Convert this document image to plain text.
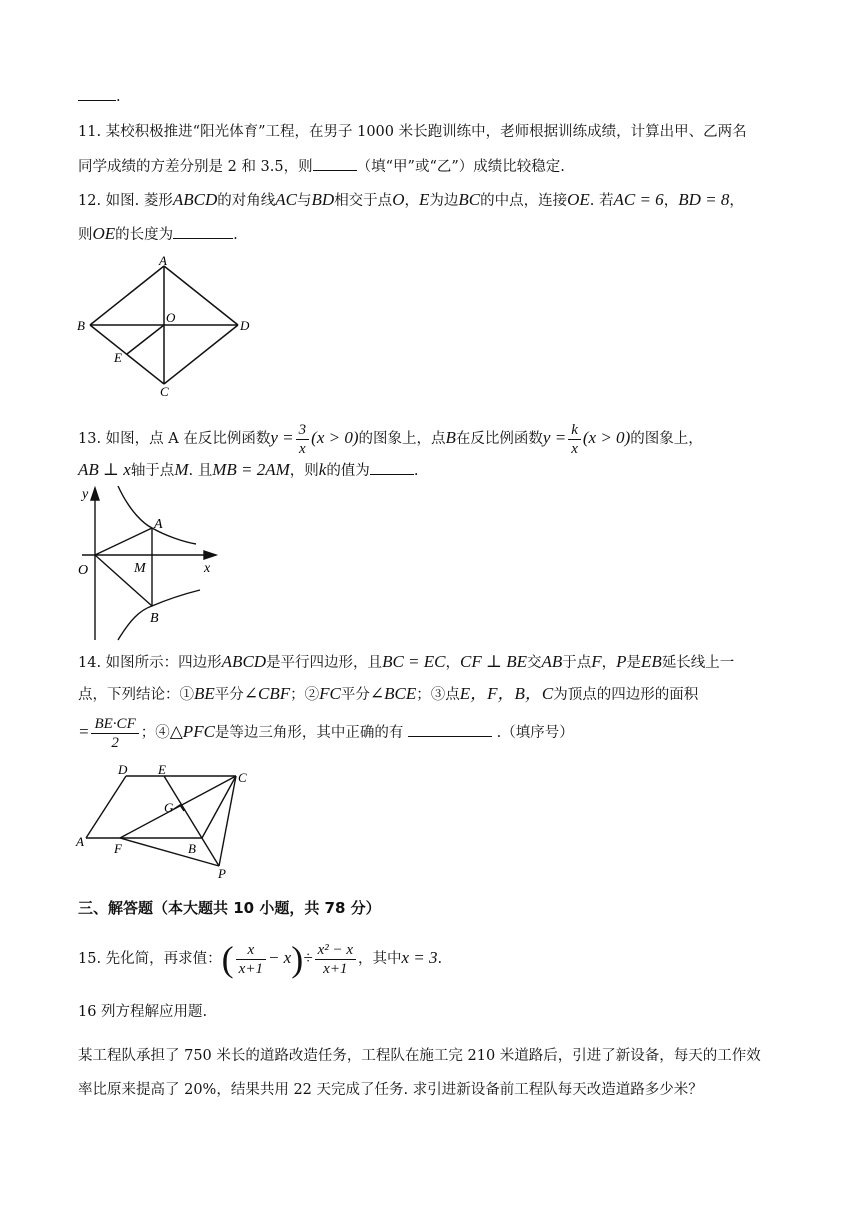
.
11. 某校积极推进“阳光体育”工程，在男子 1000 米长跑训练中，老师根据训练成绩，计算出甲、乙两名
同学成绩的方差分别是 2 和 3.5，则	（填“甲”或“乙”）成绩比较稳定.
12. 如图. 菱形ABCD的对角线AC与BD相交于点O，E为边BC的中点，连接OE. 若AC = 6，BD = 8，
则OE的长度为	.
A
B	D
C
O
E
13. 如图，点 A 在反比例函数$y = \frac{3}{x} (x > 0)$的图象上，点B在反比例函数$y = \frac{k}{x} (x > 0)$的图象上，
AB ⊥ x轴于点M. 且MB = 2AM，则k的值为	.
y
x
O
A
M
B
14. 如图所示：四边形ABCD是平行四边形，且BC = EC，CF ⊥ BE交AB于点F，P是EB延长线上一
点，下列结论：①BE平分∠CBF；②FC平分∠BCE；③点E，F，B，C为顶点的四边形的面积
= $\frac{BE\cdot CF}{2}$ ；④△PFC是等边三角形，其中正确的有	.（填序号）
D E
C
G
A F	B
P
三、解答题（本大题共 10 小题，共 78 分）
15. 先化简，再求值：( $\frac{x}{x+1} - x)\div \frac{\text{x² − x}}{x+1}$ ，其中x = 3.
16 列方程解应用题.
某工程队承担了 750 米长的道路改造任务，工程队在施工完 210 米道路后，引进了新设备，每天的工作效
率比原来提高了 20%，结果共用 22 天完成了任务. 求引进新设备前工程队每天改造道路多少米？
